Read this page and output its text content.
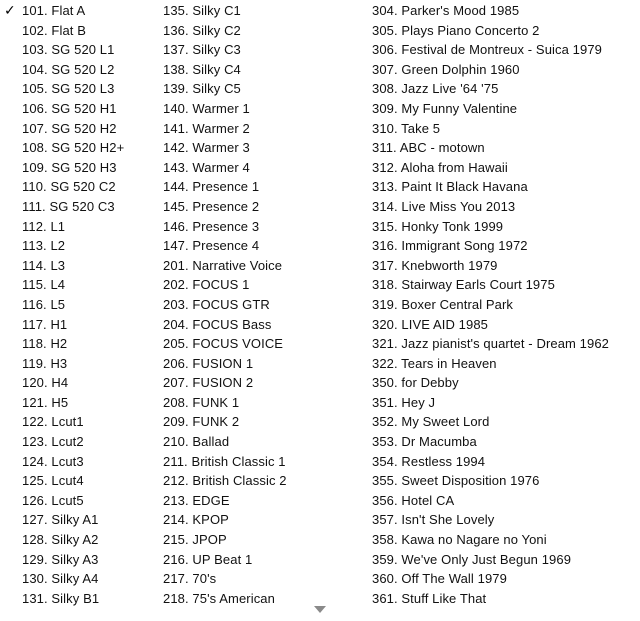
✓ 101. Flat A
102. Flat B
103. SG 520 L1
104. SG 520 L2
105. SG 520 L3
106. SG 520 H1
107. SG 520 H2
108. SG 520 H2+
109. SG 520 H3
110. SG 520 C2
111. SG 520 C3
112. L1
113. L2
114. L3
115. L4
116. L5
117. H1
118. H2
119. H3
120. H4
121. H5
122. Lcut1
123. Lcut2
124. Lcut3
125. Lcut4
126. Lcut5
127. Silky A1
128. Silky A2
129. Silky A3
130. Silky A4
131. Silky B1
135. Silky C1
136. Silky C2
137. Silky C3
138. Silky C4
139. Silky C5
140. Warmer 1
141. Warmer 2
142. Warmer 3
143. Warmer 4
144. Presence 1
145. Presence 2
146. Presence 3
147. Presence 4
201. Narrative Voice
202. FOCUS 1
203. FOCUS GTR
204. FOCUS Bass
205. FOCUS VOICE
206. FUSION 1
207. FUSION 2
208. FUNK 1
209. FUNK 2
210. Ballad
211. British Classic 1
212. British Classic 2
213. EDGE
214. KPOP
215. JPOP
216. UP Beat 1
217. 70's
218. 75's American
304. Parker's Mood 1985
305. Plays Piano Concerto 2
306. Festival de Montreux - Suica 1979
307. Green Dolphin 1960
308. Jazz Live '64 '75
309. My Funny Valentine
310. Take 5
311. ABC - motown
312. Aloha from Hawaii
313. Paint It Black Havana
314. Live Miss You 2013
315. Honky Tonk 1999
316. Immigrant Song 1972
317. Knebworth 1979
318. Stairway Earls Court 1975
319. Boxer Central Park
320. LIVE AID 1985
321. Jazz pianist's quartet - Dream 1962
322. Tears in Heaven
350. for Debby
351. Hey J
352. My Sweet Lord
353. Dr Macumba
354. Restless 1994
355. Sweet Disposition 1976
356. Hotel CA
357. Isn't She Lovely
358. Kawa no Nagare no Yoni
359. We've Only Just Begun 1969
360. Off The Wall 1979
361. Stuff Like That
